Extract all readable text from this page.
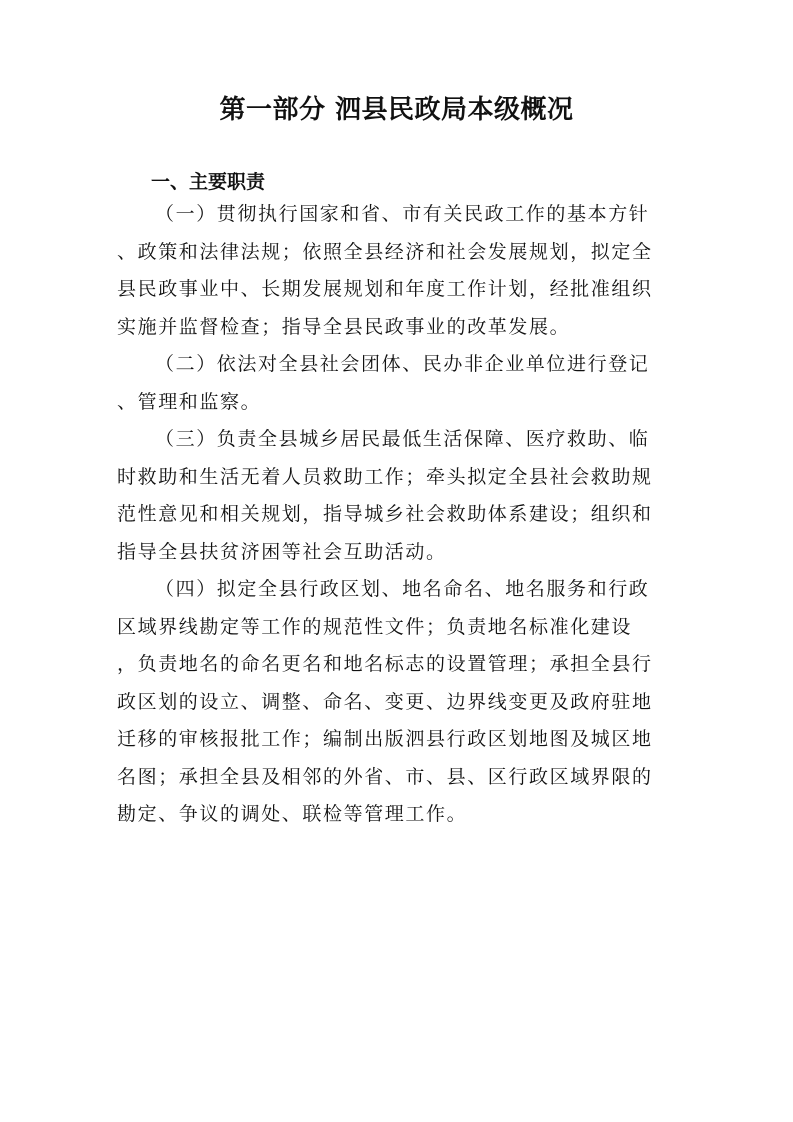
第一部分 泗县民政局本级概况
一、主要职责

（一）贯彻执行国家和省、市有关民政工作的基本方针

、政策和法律法规；依照全县经济和社会发展规划，拟定全

县民政事业中、长期发展规划和年度工作计划，经批准组织

实施并监督检查；指导全县民政事业的改革发展。

（二）依法对全县社会团体、民办非企业单位进行登记

、管理和监察。

（三）负责全县城乡居民最低生活保障、医疗救助、临

时救助和生活无着人员救助工作；牵头拟定全县社会救助规

范性意见和相关规划，指导城乡社会救助体系建设；组织和

指导全县扶贫济困等社会互助活动。

（四）拟定全县行政区划、地名命名、地名服务和行政

区域界线勘定等工作的规范性文件；负责地名标准化建设

，负责地名的命名更名和地名标志的设置管理；承担全县行

政区划的设立、调整、命名、变更、边界线变更及政府驻地

迁移的审核报批工作；编制出版泗县行政区划地图及城区地

名图；承担全县及相邻的外省、市、县、区行政区域界限的

勘定、争议的调处、联检等管理工作。
